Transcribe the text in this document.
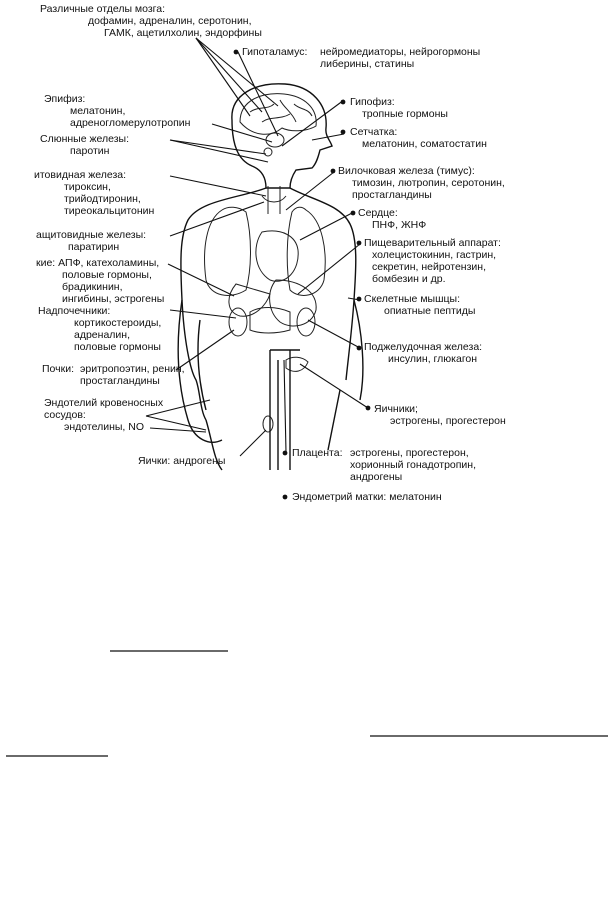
Различные отделы мозга:
дофамин, адреналин, серотонин,
ГАМК, ацетилхолин, эндорфины
Гипоталамус: нейромедиаторы, нейрогормоны
либерины, статины
Эпифиз:
мелатонин,
адреногломерулотропин
Гипофиз:
тропные гормоны
Слюнные железы:
паротин
Сетчатка:
мелатонин, соматостатин
итовидная железа:
тироксин,
трийодтиронин,
тиреокальцитонин
Вилочковая железа (тимус):
тимозин, лютропин, серотонин,
простагландины
ащитовидные железы:
паратирин
Сердце:
ПНФ, ЖНФ
кие: АПФ, катехоламины,
половые гормоны,
брадикинин,
ингибины, эстрогены
Пищеварительный аппарат:
холецистокинин, гастрин,
секретин, нейротензин,
бомбезин и др.
Надпочечники:
кортикостероиды,
адреналин,
половые гормоны
Скелетные мышцы:
опиатные пептиды
Поджелудочная железа:
инсулин, глюкагон
Почки: эритропоэтин, ренин,
простагландины
Эндотелий кровеносных
сосудов:
эндотелины, NO
Яичники;
эстрогены, прогестерон
Яички: андрогены
Плацента: эстрогены, прогестерон,
хорионный гонадотропин,
андрогены
Эндометрий матки: мелатонин
